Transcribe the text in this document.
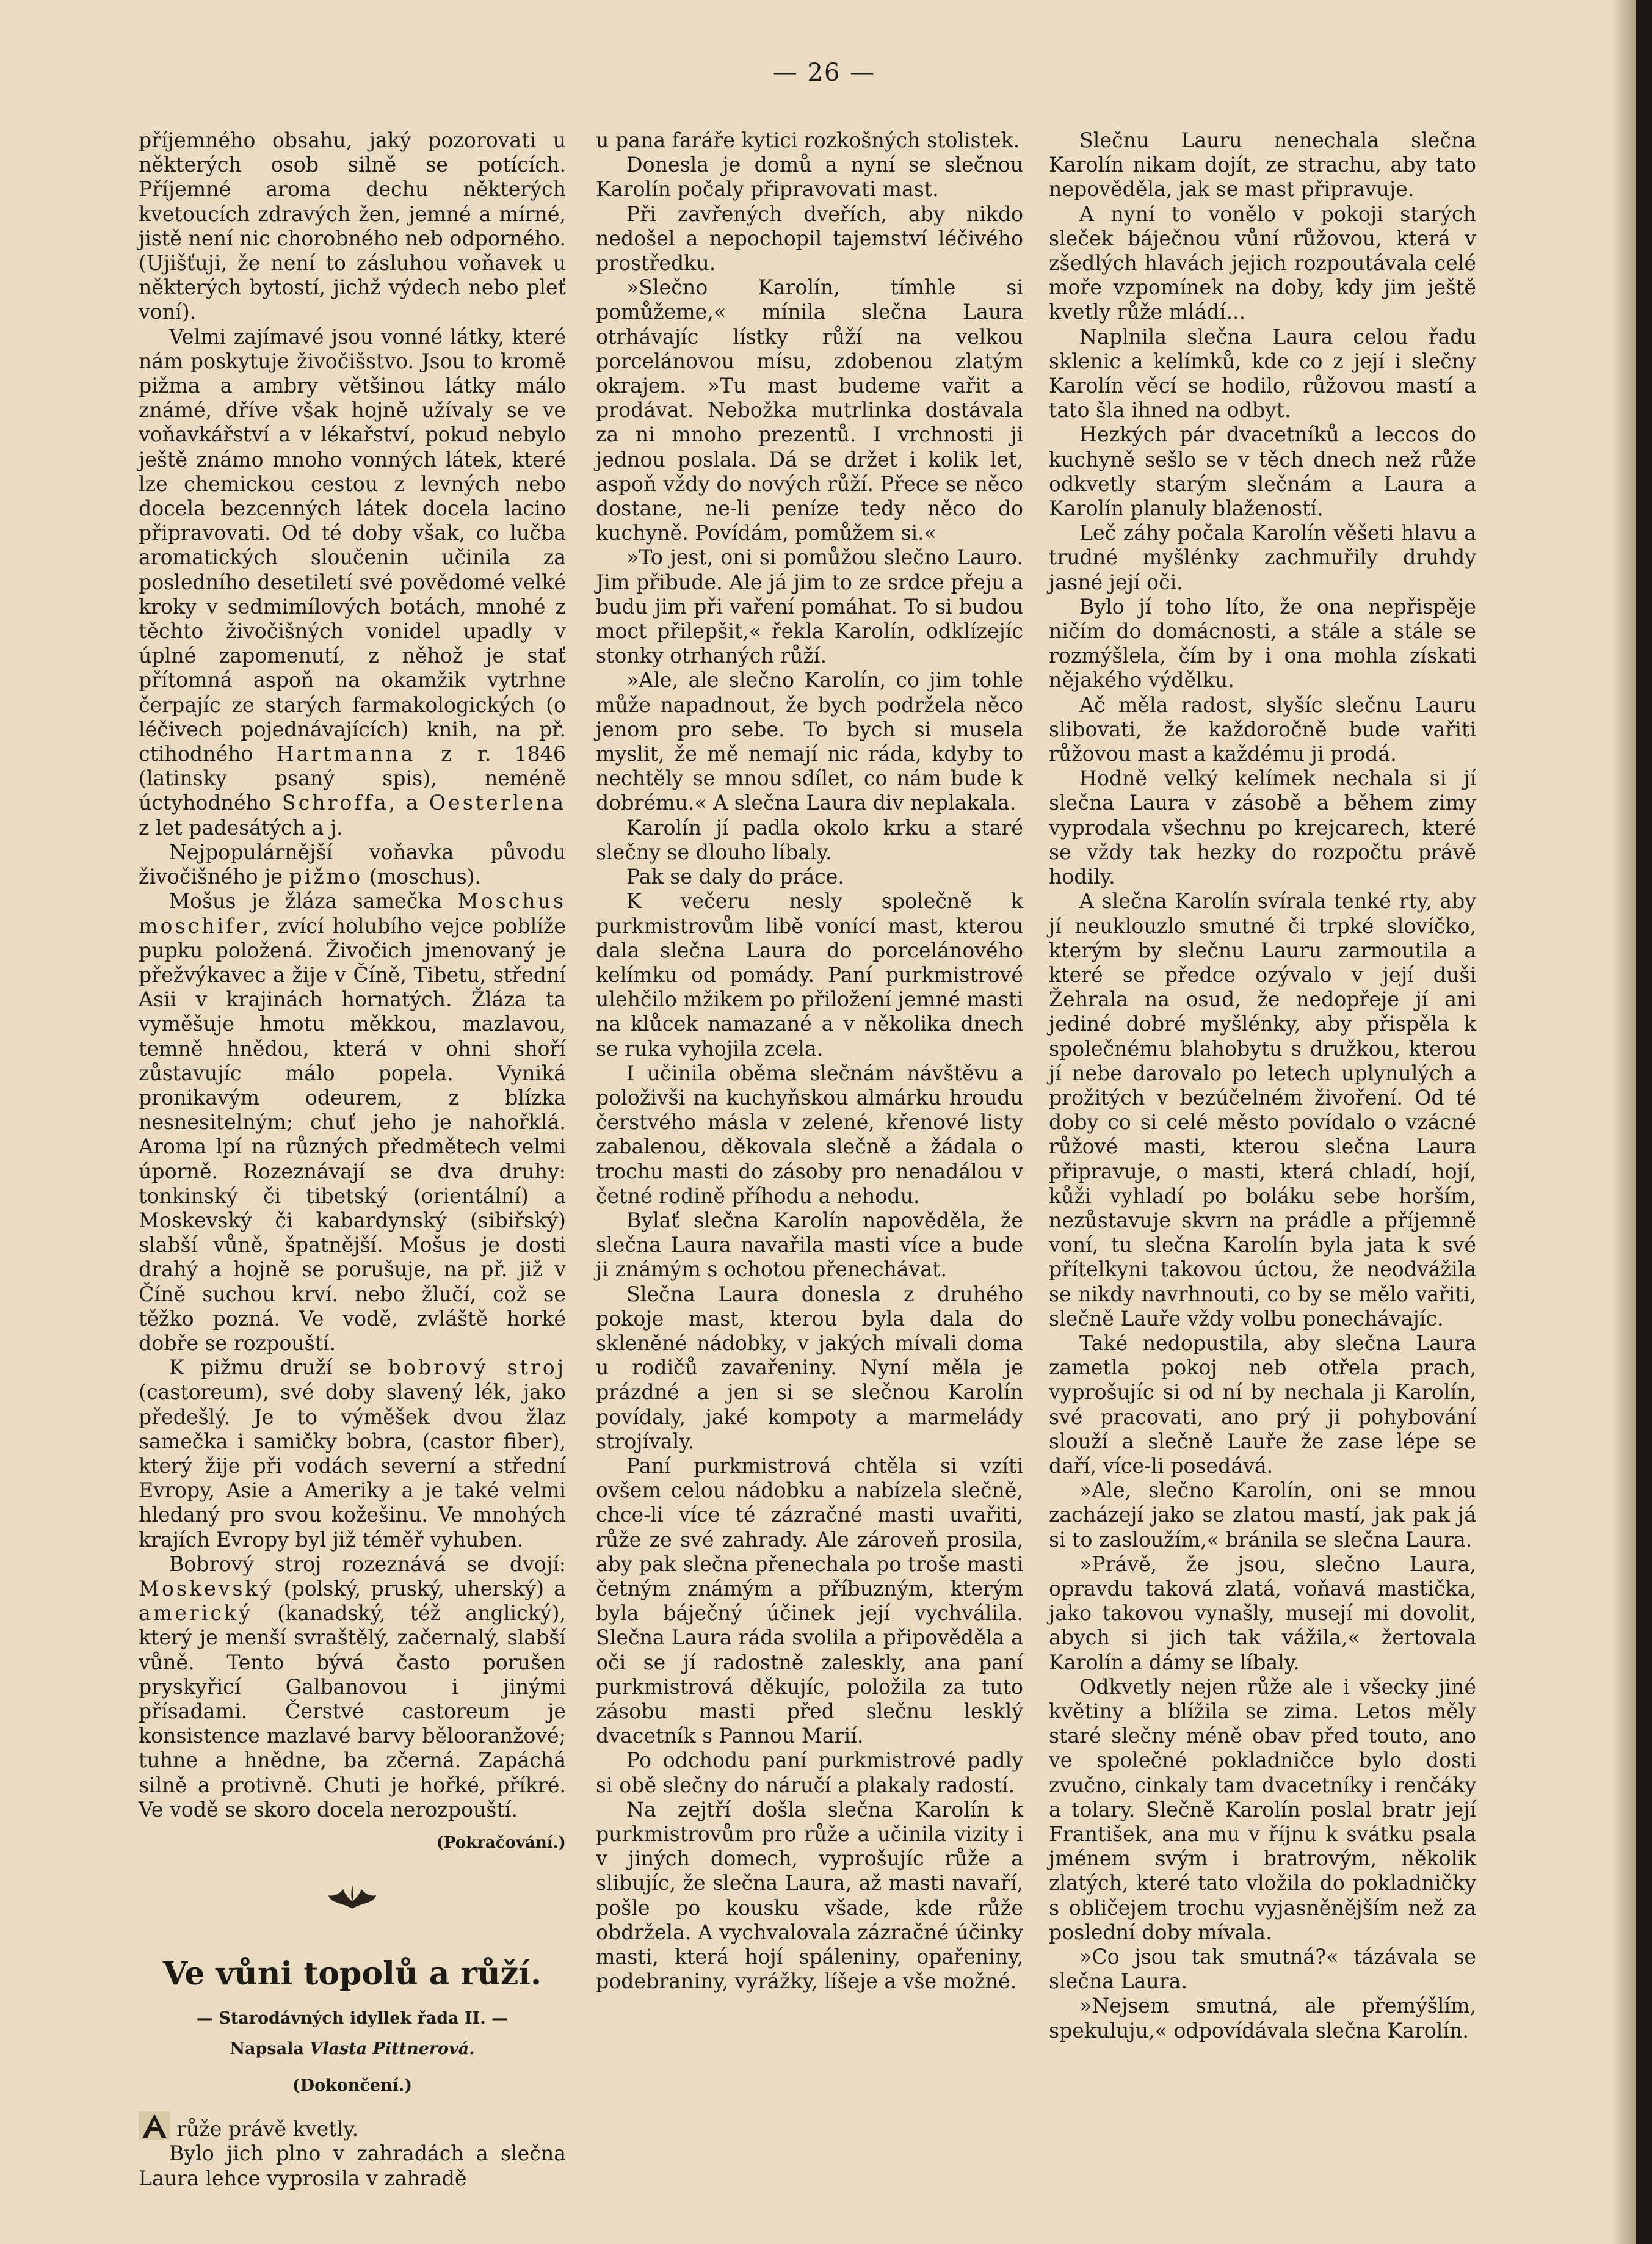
— 26 —

příjemného obsahu, jaký pozorovati u některých osob silně se potících. Příjemné aroma dechu některých kvetoucích zdravých žen, jemné a mírné, jistě není nic chorobného neb odporného. (Ujišťuji, že není to zásluhou voňavek u některých bytostí, jichž výdech nebo pleť voní).

Velmi zajímavé jsou vonné látky, které nám poskytuje živočišstvo. Jsou to kromě pižma a ambry většinou látky málo známé, dříve však hojně užívaly se ve voňavkářství a v lékařství, pokud nebylo ještě známo mnoho vonných látek, které lze chemickou cestou z levných nebo docela bezcenných látek docela lacino připravovati. Od té doby však, co lučba aromatických sloučenin učinila za posledního desetiletí své povědomé velké kroky v sedmimílových botách, mnohé z těchto živočišných vonidel upadly v úplné zapomenutí, z něhož je stať přítomná aspoň na okamžik vytrhne čerpajíc ze starých farmakologických (o léčivech pojednávajících) knih, na př. ctihodného Hartmanna z r. 1846 (latinsky psaný spis), neméně úctyhodného Schroffa, a Oesterlena z let padesátých a j.

Nejpopulárnější voňavka původu živočišného je pižmo (moschus).

Mošus je žláza samečka Moschus moschifer, zvící holubího vejce poblíže pupku položená. Živočich jmenovaný je přežvýkavec a žije v Číně, Tibetu, střední Asii v krajinách hornatých. Žláza ta vyměšuje hmotu měkkou, mazlavou, temně hnědou, která v ohni shoří zůstavujíc málo popela. Vyniká pronikavým odeurem, z blízka nesnesitelným; chuť jeho je nahořklá. Aroma lpí na různých předmětech velmi úporně. Rozeznávají se dva druhy: tonkinský či tibetský (orientální) a Moskevský či kabardynský (sibiřský) slabší vůně, špatnější. Mošus je dosti drahý a hojně se porušuje, na př. již v Číně suchou krví. nebo žlučí, což se těžko pozná. Ve vodě, zvláště horké dobře se rozpouští.

K pižmu druží se bobrový stroj (castoreum), své doby slavený lék, jako předešlý. Je to výměšek dvou žlaz samečka i samičky bobra, (castor fiber), který žije při vodách severní a střední Evropy, Asie a Ameriky a je také velmi hledaný pro svou kožešinu. Ve mnohých krajích Evropy byl již téměř vyhuben.

Bobrový stroj rozeznává se dvojí: Moskevský (polský, pruský, uherský) a americký (kanadský, též anglický), který je menší svraštělý, začernalý, slabší vůně. Tento bývá často porušen pryskyřicí Galbanovou i jinými přísadami. Čerstvé castoreum je konsistence mazlavé barvy bělooranžové; tuhne a hnědne, ba zčerná. Zapáchá silně a protivně. Chuti je hořké, příkré. Ve vodě se skoro docela nerozpouští.

(Pokračování.)
Ve vůni topolů a růží.
— Starodávných idyllek řada II. —
Napsala Vlasta Pittnerová.
(Dokončení.)

růže právě kvetly.

Bylo jich plno v zahradách a slečna Laura lehce vyprosila v zahradě

u pana faráře kytici rozkošných stolistek.

Donesla je domů a nyní se slečnou Karolín počaly připravovati mast.

Při zavřených dveřích, aby nikdo nedošel a nepochopil tajemství léčivého prostředku.

»Slečno Karolín, tímhle si pomůžeme,« mínila slečna Laura otrhávajíc lístky růží na velkou porcelánovou mísu, zdobenou zlatým okrajem. »Tu mast budeme vařit a prodávat. Nebožka mutrlinka dostávala za ni mnoho prezentů. I vrchnosti ji jednou poslala. Dá se držet i kolik let, aspoň vždy do nových růží. Přece se něco dostane, ne-li peníze tedy něco do kuchyně. Povídám, pomůžem si.«

»To jest, oni si pomůžou slečno Lauro. Jim přibude. Ale já jim to ze srdce přeju a budu jim při vaření pomáhat. To si budou moct přilepšit,« řekla Karolín, odklízejíc stonky otrhaných růží.

»Ale, ale slečno Karolín, co jim tohle může napadnout, že bych podržela něco jenom pro sebe. To bych si musela myslit, že mě nemají nic ráda, kdyby to nechtěly se mnou sdílet, co nám bude k dobrému.« A slečna Laura div neplakala.

Karolín jí padla okolo krku a staré slečny se dlouho líbaly.

Pak se daly do práce.

K večeru nesly společně k purkmistrovům libě vonící mast, kterou dala slečna Laura do porcelánového kelímku od pomády. Paní purkmistrové ulehčilo mžikem po přiložení jemné masti na klůcek namazané a v několika dnech se ruka vyhojila zcela.

I učinila oběma slečnám návštěvu a položivši na kuchyňskou almárku hroudu čerstvého másla v zelené, křenové listy zabalenou, děkovala slečně a žádala o trochu masti do zásoby pro nenadálou v četné rodině příhodu a nehodu.

Bylať slečna Karolín napověděla, že slečna Laura navařila masti více a bude ji známým s ochotou přenechávat.

Slečna Laura donesla z druhého pokoje mast, kterou byla dala do skleněné nádobky, v jakých mívali doma u rodičů zavařeniny. Nyní měla je prázdné a jen si se slečnou Karolín povídaly, jaké kompoty a marmelády strojívaly.

Paní purkmistrová chtěla si vzíti ovšem celou nádobku a nabízela slečně, chce-li více té zázračné masti uvařiti, růže ze své zahrady. Ale zároveň prosila, aby pak slečna přenechala po troše masti četným známým a příbuzným, kterým byla báječný účinek její vychválila. Slečna Laura ráda svolila a připověděla a oči se jí radostně zaleskly, ana paní purkmistrová děkujíc, položila za tuto zásobu masti před slečnu lesklý dvacetník s Pannou Marií.

Po odchodu paní purkmistrové padly si obě slečny do náručí a plakaly radostí.

Na zejtří došla slečna Karolín k purkmistrovům pro růže a učinila vizity i v jiných domech, vyprošujíc růže a slibujíc, že slečna Laura, až masti navaří, pošle po kousku všade, kde růže obdržela. A vychvalovala zázračné účinky masti, která hojí spáleniny, opařeniny, podebraniny, vyrážky, líšeje a vše možné.

Slečnu Lauru nenechala slečna Karolín nikam dojít, ze strachu, aby tato nepověděla, jak se mast připravuje.

A nyní to vonělo v pokoji starých sleček báječnou vůní růžovou, která v zšedlých hlavách jejich rozpoutávala celé moře vzpomínek na doby, kdy jim ještě kvetly růže mládí...

Naplnila slečna Laura celou řadu sklenic a kelímků, kde co z její i slečny Karolín věcí se hodilo, růžovou mastí a tato šla ihned na odbyt.

Hezkých pár dvacetníků a leccos do kuchyně sešlo se v těch dnech než růže odkvetly starým slečnám a Laura a Karolín planuly blažeností.

Leč záhy počala Karolín věšeti hlavu a trudné myšlénky zachmuřily druhdy jasné její oči.

Bylo jí toho líto, že ona nepřispěje ničím do domácnosti, a stále a stále se rozmýšlela, čím by i ona mohla získati nějakého výdělku.

Ač měla radost, slyšíc slečnu Lauru slibovati, že každoročně bude vařiti růžovou mast a každému ji prodá.

Hodně velký kelímek nechala si jí slečna Laura v zásobě a během zimy vyprodala všechnu po krejcarech, které se vždy tak hezky do rozpočtu právě hodily.

A slečna Karolín svírala tenké rty, aby jí neuklouzlo smutné či trpké slovíčko, kterým by slečnu Lauru zarmoutila a které se předce ozývalo v její duši Žehrala na osud, že nedopřeje jí ani jediné dobré myšlénky, aby přispěla k společnému blahobytu s družkou, kterou jí nebe darovalo po letech uplynulých a prožitých v bezúčelném živoření. Od té doby co si celé město povídalo o vzácné růžové masti, kterou slečna Laura připravuje, o masti, která chladí, hojí, kůži vyhladí po boláku sebe horším, nezůstavuje skvrn na prádle a příjemně voní, tu slečna Karolín byla jata k své přítelkyni takovou úctou, že neodvážila se nikdy navrhnouti, co by se mělo vařiti, slečně Lauře vždy volbu ponechávajíc.

Také nedopustila, aby slečna Laura zametla pokoj neb otřela prach, vyprošujíc si od ní by nechala ji Karolín, své pracovati, ano prý ji pohybování slouží a slečně Lauře že zase lépe se daří, více-li posedává.

»Ale, slečno Karolín, oni se mnou zacházejí jako se zlatou mastí, jak pak já si to zasloužím,« bránila se slečna Laura.

»Právě, že jsou, slečno Laura, opravdu taková zlatá, voňavá mastička, jako takovou vynašly, musejí mi dovolit, abych si jich tak vážila,« žertovala Karolín a dámy se líbaly.

Odkvetly nejen růže ale i všecky jiné květiny a blížila se zima. Letos měly staré slečny méně obav před touto, ano ve společné pokladničce bylo dosti zvučno, cinkaly tam dvacetníky i renčáky a tolary. Slečně Karolín poslal bratr její František, ana mu v říjnu k svátku psala jménem svým i bratrovým, několik zlatých, které tato vložila do pokladničky s obličejem trochu vyjasněnějším než za poslední doby mívala.

»Co jsou tak smutná?« tázávala se slečna Laura.

»Nejsem smutná, ale přemýšlím, spekuluju,« odpovídávala slečna Karolín.
